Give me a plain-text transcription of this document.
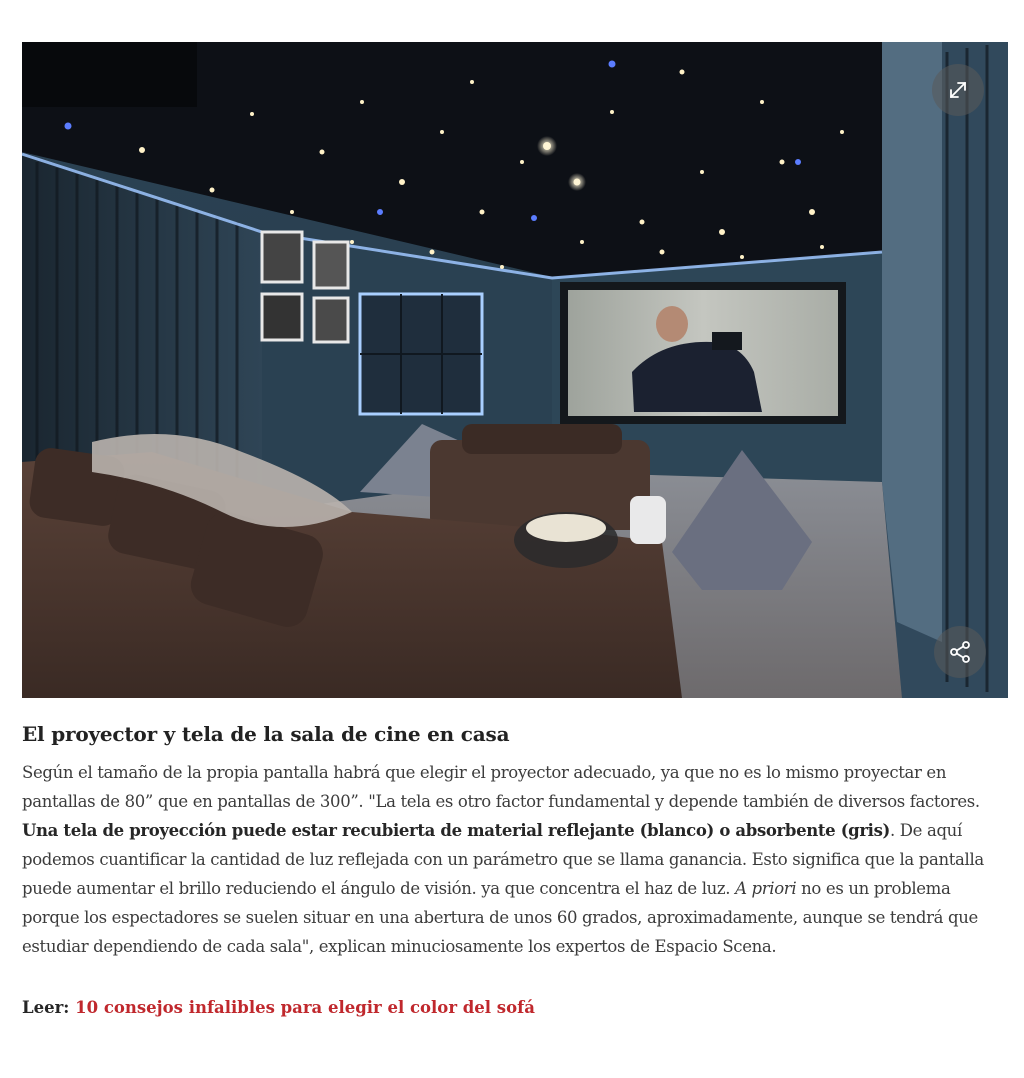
El proyector y tela de la sala de cine en casa

Según el tamaño de la propia pantalla habrá que elegir el proyector adecuado, ya que no es lo mismo proyectar en pantallas de 80” que en pantallas de 300”. "La tela es otro factor fundamental y depende también de diversos factores. Una tela de proyección puede estar recubierta de material reflejante (blanco) o absorbente (gris). De aquí podemos cuantificar la cantidad de luz reflejada con un parámetro que se llama ganancia. Esto significa que la pantalla puede aumentar el brillo reduciendo el ángulo de visión. ya que concentra el haz de luz. A priori no es un problema porque los espectadores se suelen situar en una abertura de unos 60 grados, aproximadamente, aunque se tendrá que estudiar dependiendo de cada sala", explican minuciosamente los expertos de Espacio Scena.

Leer: 10 consejos infalibles para elegir el color del sofá
